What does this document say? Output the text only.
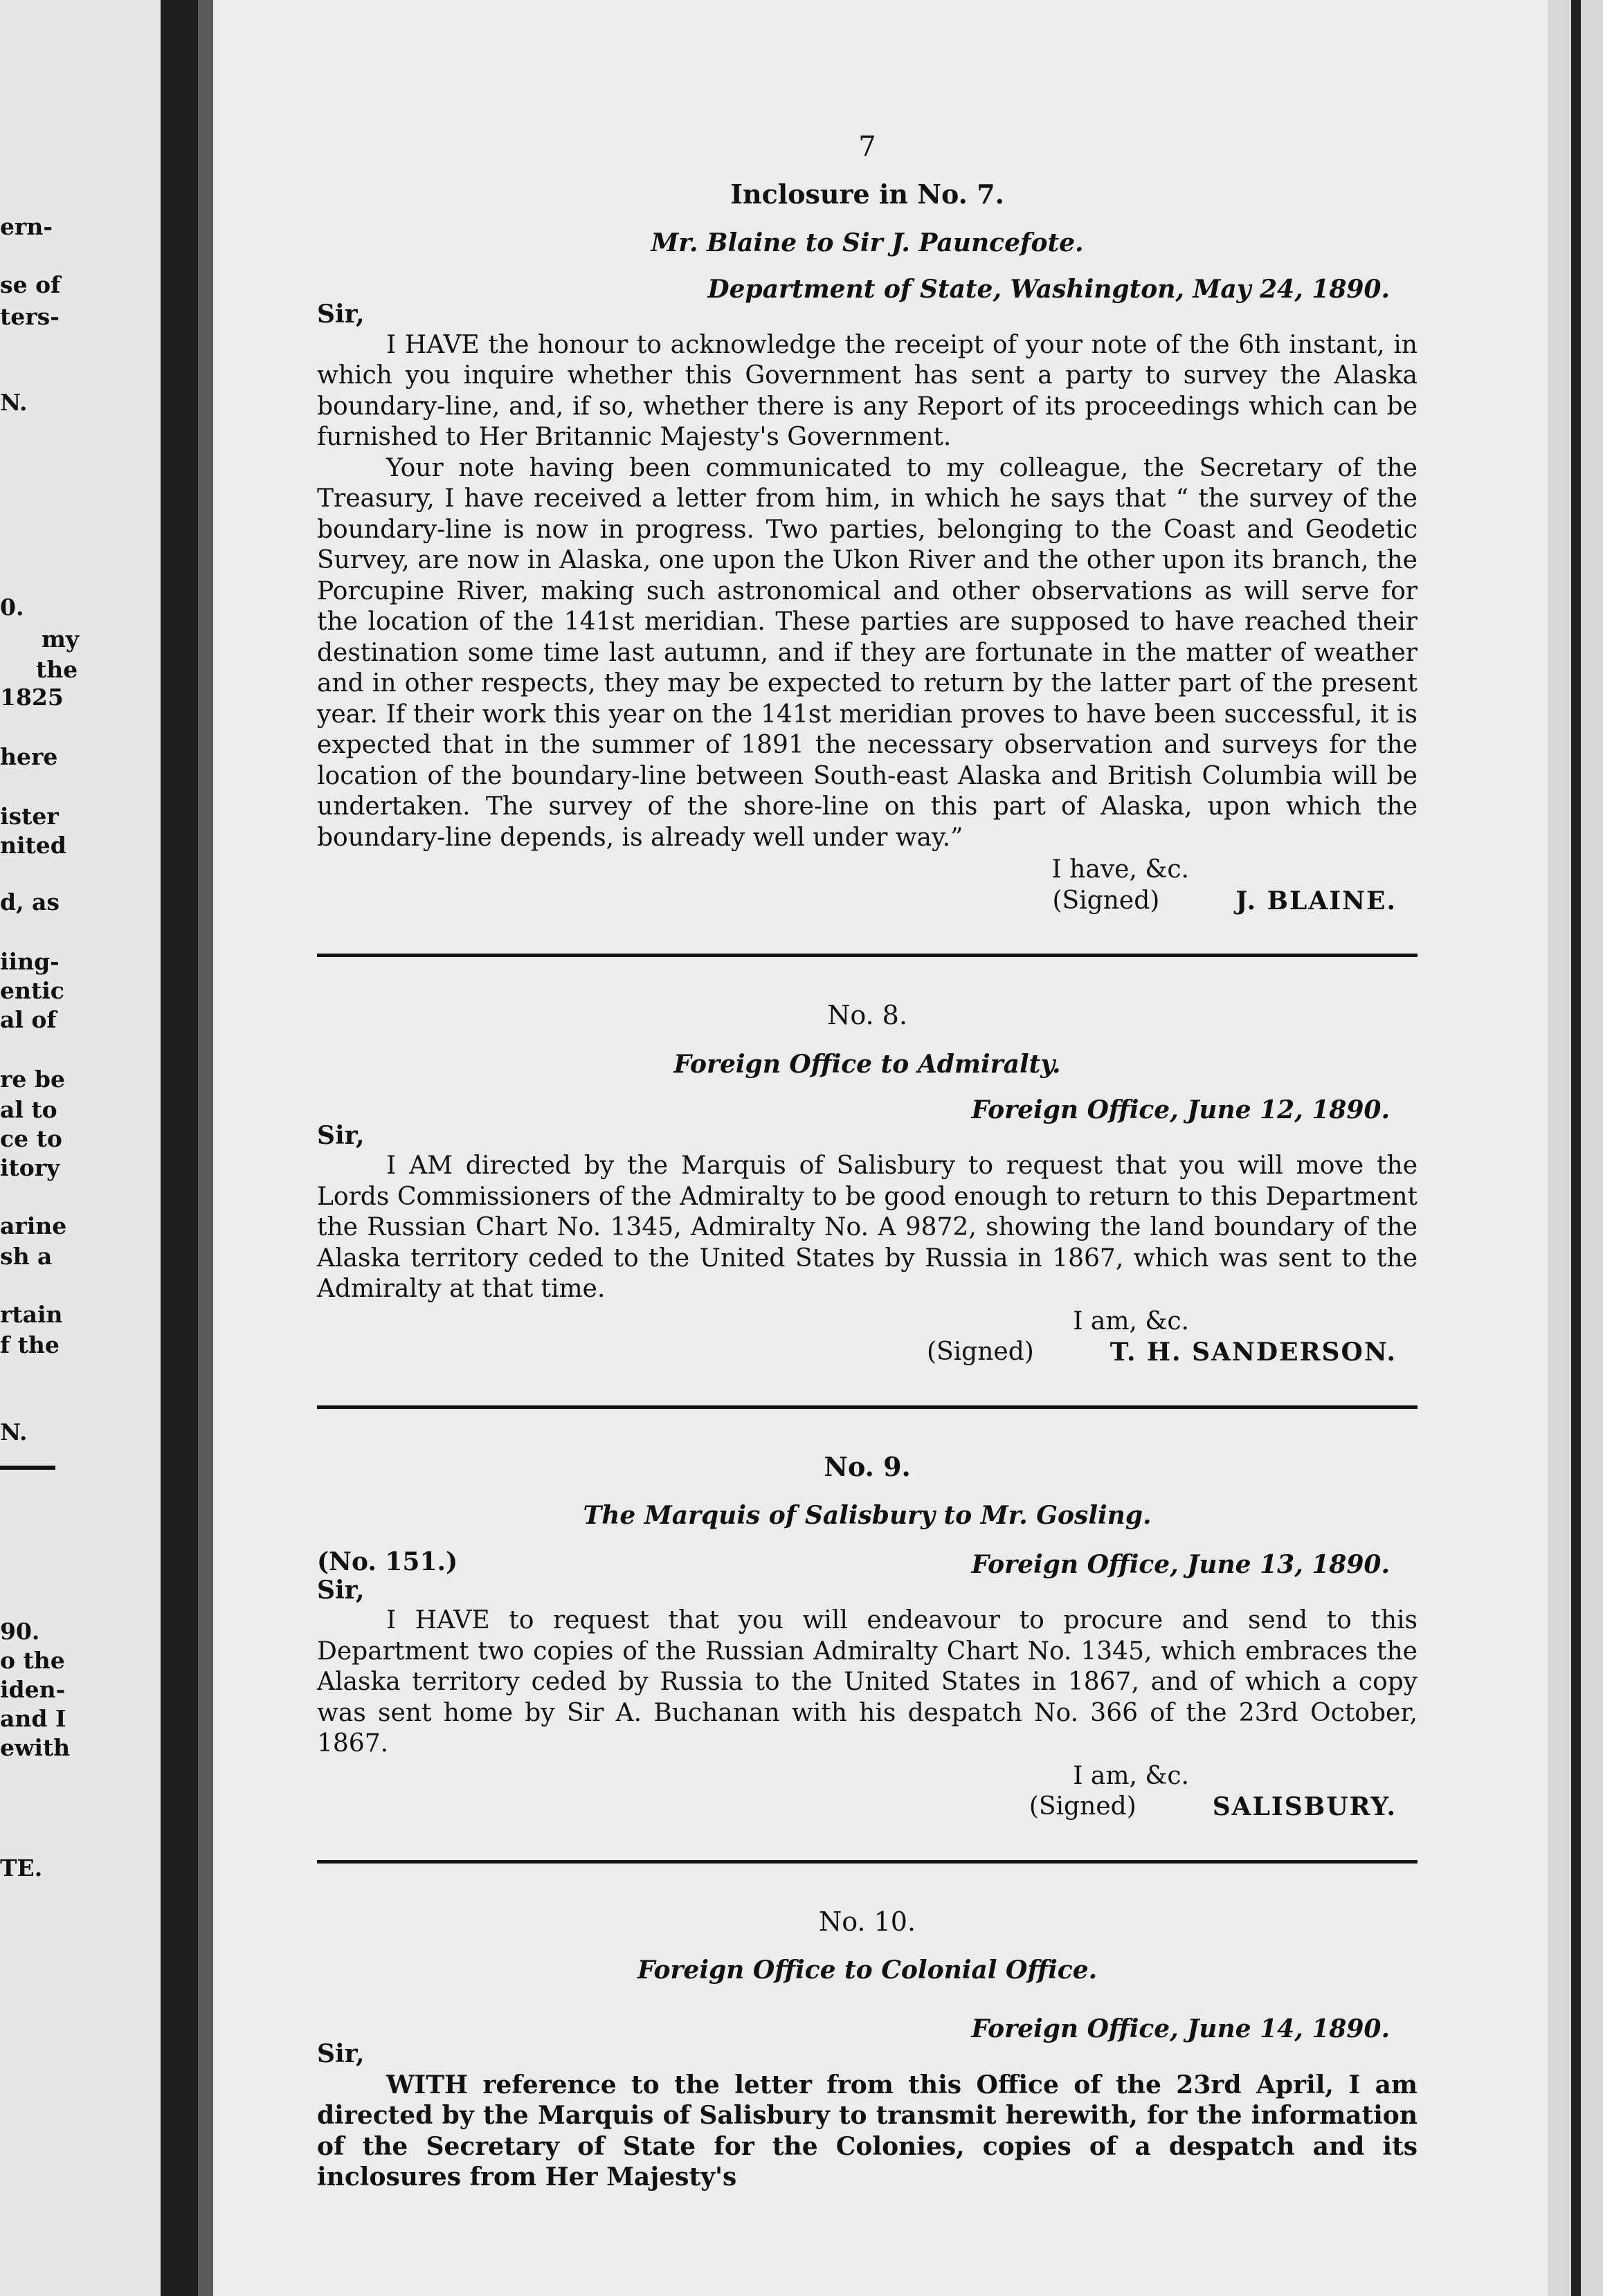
ern-
se of
ters-
N.
0.
my
the
1825
here
ister
nited
d, as
iing-
entic
al of
re be
al to
ce to
itory
arine
sh a
rtain
f the
N.
90.
o the
iden-
and I
ewith
TE.
7
Inclosure in No. 7.
Mr. Blaine to Sir J. Pauncefote.
Department of State, Washington, May 24, 1890.
Sir,

I HAVE the honour to acknowledge the receipt of your note of the 6th instant, in which you inquire whether this Government has sent a party to survey the Alaska boundary-line, and, if so, whether there is any Report of its proceedings which can be furnished to Her Britannic Majesty's Government.

Your note having been communicated to my colleague, the Secretary of the Treasury, I have received a letter from him, in which he says that “ the survey of the boundary-line is now in progress. Two parties, belonging to the Coast and Geodetic Survey, are now in Alaska, one upon the Ukon River and the other upon its branch, the Porcupine River, making such astronomical and other observations as will serve for the location of the 141st meridian. These parties are supposed to have reached their destination some time last autumn, and if they are fortunate in the matter of weather and in other respects, they may be expected to return by the latter part of the present year. If their work this year on the 141st meridian proves to have been successful, it is expected that in the summer of 1891 the necessary observation and surveys for the location of the boundary-line between South-east Alaska and British Columbia will be undertaken. The survey of the shore-line on this part of Alaska, upon which the boundary-line depends, is already well under way.”

I have, &c.
(Signed)	J. BLAINE.
No. 8.
Foreign Office to Admiralty.
Foreign Office, June 12, 1890.
Sir,

I AM directed by the Marquis of Salisbury to request that you will move the Lords Commissioners of the Admiralty to be good enough to return to this Department the Russian Chart No. 1345, Admiralty No. A 9872, showing the land boundary of the Alaska territory ceded to the United States by Russia in 1867, which was sent to the Admiralty at that time.

I am, &c.
(Signed)	T. H. SANDERSON.
No. 9.
The Marquis of Salisbury to Mr. Gosling.
(No. 151.)	Foreign Office, June 13, 1890.
Sir,

I HAVE to request that you will endeavour to procure and send to this Department two copies of the Russian Admiralty Chart No. 1345, which embraces the Alaska territory ceded by Russia to the United States in 1867, and of which a copy was sent home by Sir A. Buchanan with his despatch No. 366 of the 23rd October, 1867.

I am, &c.
(Signed)	SALISBURY.
No. 10.
Foreign Office to Colonial Office.
Foreign Office, June 14, 1890.
Sir,

WITH reference to the letter from this Office of the 23rd April, I am directed by the Marquis of Salisbury to transmit herewith, for the information of the Secretary of State for the Colonies, copies of a despatch and its inclosures from Her Majesty's
